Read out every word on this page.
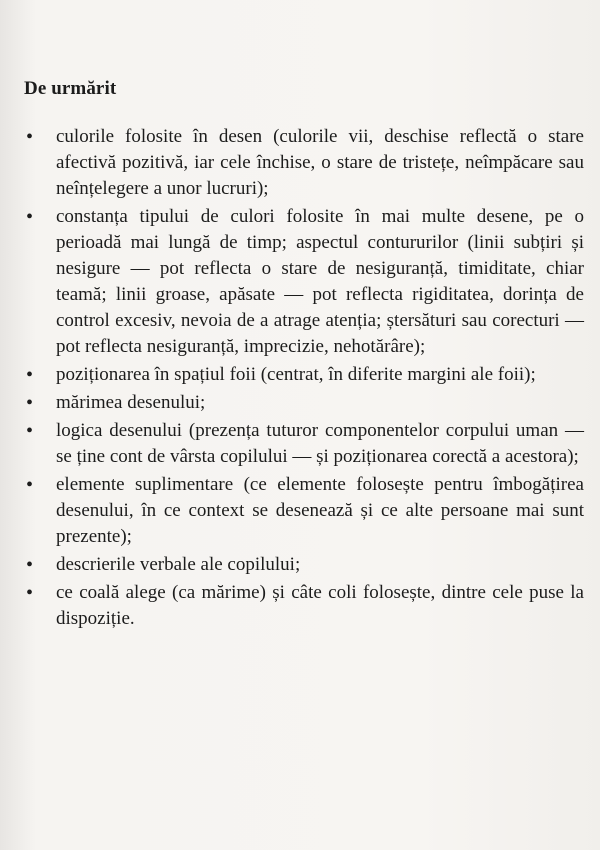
De urmărit
• culorile folosite în desen (culorile vii, deschise reflectă o stare afectivă pozitivă, iar cele închise, o stare de tristețe, neîmpăcare sau neînțelegere a unor lucruri);
• constanța tipului de culori folosite în mai multe desene, pe o perioadă mai lungă de timp; aspectul contururilor (linii subțiri și nesigure — pot reflecta o stare de nesiguranță, timiditate, chiar teamă; linii groase, apăsate — pot reflecta rigiditatea, dorința de control excesiv, nevoia de a atrage atenția; ștersături sau corecturi — pot reflecta nesiguranță, imprecizie, nehotărâre);
• poziționarea în spațiul foii (centrat, în diferite margini ale foii);
• mărimea desenului;
• logica desenului (prezența tuturor componentelor corpului uman — se ține cont de vârsta copilului — și poziționarea corectă a acestora);
• elemente suplimentare (ce elemente folosește pentru îmbogățirea desenului, în ce context se desenează și ce alte persoane mai sunt prezente);
• descrierile verbale ale copilului;
• ce coală alege (ca mărime) și câte coli folosește, dintre cele puse la dispoziție.
